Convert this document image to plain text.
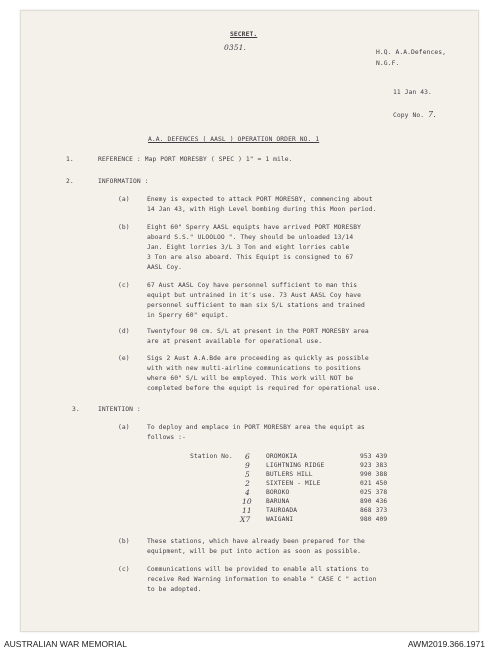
SECRET.
0351.
H.Q. A.A.Defences,
N.G.F.
11 Jan 43.
Copy No. 7.
A.A. DEFENCES ( AASL ) OPERATION ORDER NO. 1
1.	REFERENCE : Map PORT MORESBY ( SPEC ) 1" = 1 mile.
2.	INFORMATION :
(a)	Enemy is expected to attack PORT MORESBY, commencing about
14 Jan 43, with High Level bombing during this Moon period.
(b)	Eight 60" Sperry AASL equipts have arrived PORT MORESBY
aboard S.S." ULOOLOO ". They should be unloaded 13/14
Jan. Eight lorries 3/L 3 Ton and eight lorries cable
3 Ton are also aboard. This Equipt is consigned to 67
AASL Coy.
(c)	67 Aust AASL Coy have personnel sufficient to man this
equipt but untrained in it's use. 73 Aust AASL Coy have
personnel sufficient to man six S/L stations and trained
in Sperry 60" equipt.
(d)	Twentyfour 90 cm. S/L at present in the PORT MORESBY area
are at present available for operational use.
(e)	Sigs 2 Aust A.A.Bde are proceeding as quickly as possible
with with new multi-airline communications to positions
where 60" S/L will be employed. This work will NOT be
completed before the equipt is required for operational use.
3.	INTENTION :
(a)	To deploy and emplace in PORT MORESBY area the equipt as
follows :-
Station No. 6	OROMOKIA	953 439
9	LIGHTNING RIDGE	923 383
5	BUTLERS HILL	990 388
2	SIXTEEN - MILE	021 450
4	BOROKO	025 378
10 BARUNA	890 436
11 TAUROADA	868 373
X7 WAIGANI	980 409
(b)	These stations, which have already been prepared for the
equipment, will be put into action as soon as possible.
(c)	Communications will be provided to enable all stations to
receive Red Warning information to enable " CASE C " action
to be adopted.
AUSTRALIAN WAR MEMORIAL	AWM2019.366.1971
